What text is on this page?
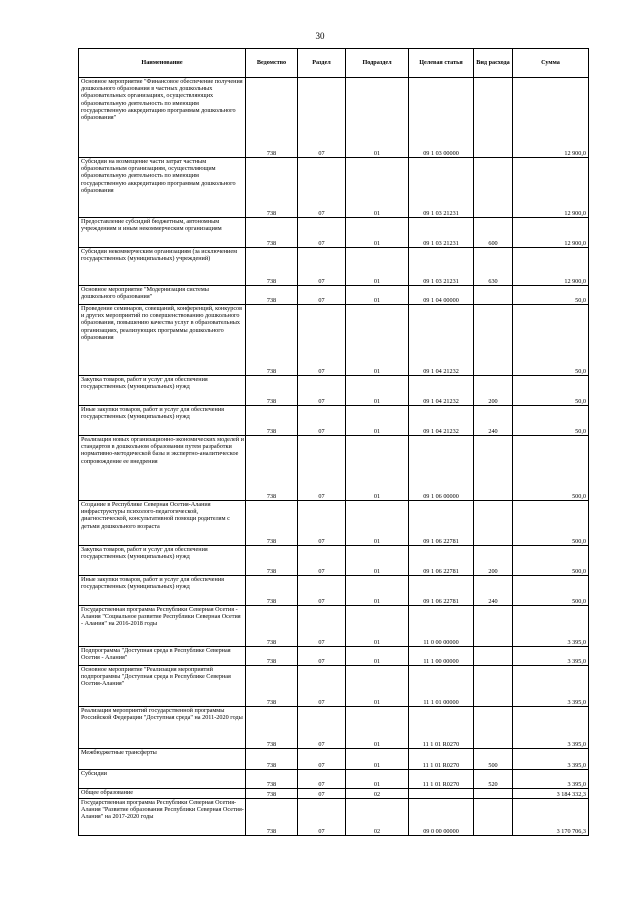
30
Наименование	Ведомство	Раздел	Подраздел	Целевая статья	Вид расхода	Сумма
Основное мероприятие "Финансовое обеспечение получения дошкольного образования в частных дошкольных образовательных организациях, осуществляющих образовательную деятельность по имеющим государственную аккредитацию программам дошкольного образования"	738	07	01	09 1 03 00000		12 900,0
Субсидии на возмещение части затрат частным образовательным организациям, осуществляющим образовательную деятельность по имеющим государственную аккредитацию программам дошкольного образования	738	07	01	09 1 03 21231		12 900,0
Предоставление субсидий бюджетным, автономным учреждениям и иным некоммерческим организациям	738	07	01	09 1 03 21231	600	12 900,0
Субсидии некоммерческим организациям (за исключением государственных (муниципальных) учреждений)	738	07	01	09 1 03 21231	630	12 900,0
Основное мероприятие "Модернизация системы дошкольного образования"	738	07	01	09 1 04 00000		50,0
Проведение семинаров, совещаний, конференций, конкурсов и других мероприятий по совершенствованию дошкольного образования, повышению качества услуг в образовательных организациях, реализующих программы дошкольного образования	738	07	01	09 1 04 21232		50,0
Закупка товаров, работ и услуг для обеспечения государственных (муниципальных) нужд	738	07	01	09 1 04 21232	200	50,0
Иные закупки товаров, работ и услуг для обеспечения государственных (муниципальных) нужд	738	07	01	09 1 04 21232	240	50,0
Реализация новых организационно-экономических моделей и стандартов в дошкольном образовании путем разработки нормативно-методической базы и экспертно-аналитическое сопровождение ее внедрения	738	07	01	09 1 06 00000		500,0
Создание в Республике Северная Осетия-Алания инфраструктуры психолого-педагогической, диагностической, консультативной помощи родителям с детьми дошкольного возраста	738	07	01	09 1 06 22781		500,0
Закупка товаров, работ и услуг для обеспечения государственных (муниципальных) нужд	738	07	01	09 1 06 22781	200	500,0
Иные закупки товаров, работ и услуг для обеспечения государственных (муниципальных) нужд	738	07	01	09 1 06 22781	240	500,0
Государственная программа Республики Северная Осетия - Алания "Социальное развитие Республики Северная Осетия - Алания" на 2016-2018 годы	738	07	01	11 0 00 00000		3 395,0
Подпрограмма "Доступная среда в Республике Северная Осетия - Алания"	738	07	01	11 1 00 00000		3 395,0
Основное мероприятие "Реализация мероприятий подпрограммы "Доступная среда в Республике Северная Осетия-Алания"	738	07	01	11 1 01 00000		3 395,0
Реализация мероприятий государственной программы Российской Федерации "Доступная среда" на 2011-2020 годы	738	07	01	11 1 01 R0270		3 395,0
Межбюджетные трансферты	738	07	01	11 1 01 R0270	500	3 395,0
Субсидии	738	07	01	11 1 01 R0270	520	3 395,0
Общее образование	738	07	02			3 184 332,3
Государственная программа Республики Северная Осетия-Алания "Развитие образования Республики Северная Осетия-Алания" на 2017-2020 годы	738	07	02	09 0 00 00000		3 170 706,3
